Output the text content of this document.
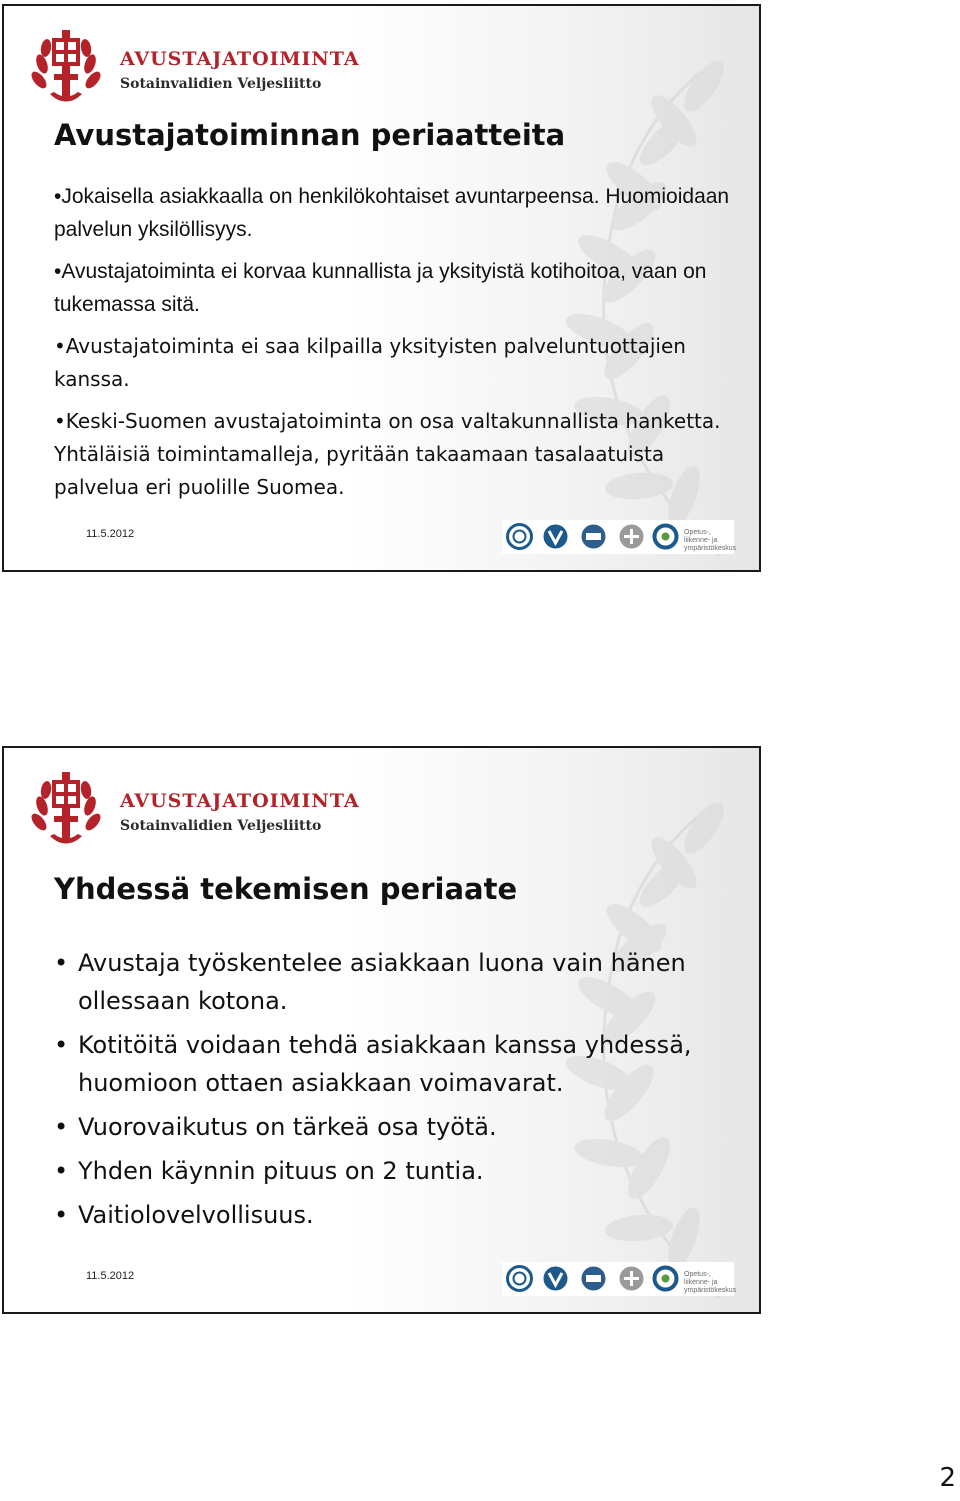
AVUSTAJATOIMINTA
Sotainvalidien Veljesliitto
Avustajatoiminnan periaatteita
• Jokaisella asiakkaalla on henkilökohtaiset avuntarpeensa. Huomioidaan palvelun yksilöllisyys.
• Avustajatoiminta ei korvaa kunnallista ja yksityistä kotihoitoa, vaan on tukemassa sitä.
• Avustajatoiminta ei saa kilpailla yksityisten palveluntuottajien kanssa.
• Keski-Suomen avustajatoiminta on osa valtakunnallista hanketta. Yhtäläisiä toimintamalleja, pyritään takaamaan tasalaatuista palvelua eri puolille Suomea.
11.5.2012	Opetus-, liikenne- ja ympäristökeskus
AVUSTAJATOIMINTA
Sotainvalidien Veljesliitto
Yhdessä tekemisen periaate
• Avustaja työskentelee asiakkaan luona vain hänen ollessaan kotona.
• Kotitöitä voidaan tehdä asiakkaan kanssa yhdessä, huomioon ottaen asiakkaan voimavarat.
• Vuorovaikutus on tärkeä osa työtä.
• Yhden käynnin pituus on 2 tuntia.
• Vaitiolovelvollisuus.
11.5.2012	Opetus-, liikenne- ja ympäristökeskus
2
